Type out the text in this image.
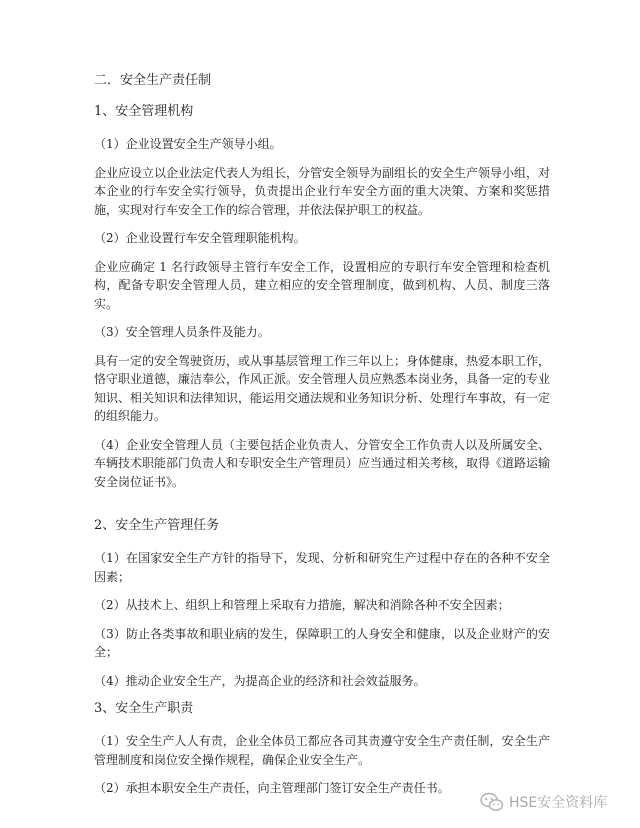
二．安全生产责任制
1、安全管理机构

（1）企业设置安全生产领导小组。

企业应设立以企业法定代表人为组长，分管安全领导为副组长的安全生产领导小组，对本企业的行车安全实行领导，负责提出企业行车安全方面的重大决策、方案和奖惩措施，实现对行车安全工作的综合管理，并依法保护职工的权益。

（2）企业设置行车安全管理职能机构。

企业应确定 1 名行政领导主管行车安全工作，设置相应的专职行车安全管理和检查机构，配备专职安全管理人员，建立相应的安全管理制度，做到机构、人员、制度三落实。

（3）安全管理人员条件及能力。

具有一定的安全驾驶资历，或从事基层管理工作三年以上；身体健康，热爱本职工作，恪守职业道德，廉洁奉公，作风正派。安全管理人员应熟悉本岗业务，具备一定的专业知识、相关知识和法律知识，能运用交通法规和业务知识分析、处理行车事故，有一定的组织能力。

（4）企业安全管理人员（主要包括企业负责人、分管安全工作负责人以及所属安全、车辆技术职能部门负责人和专职安全生产管理员）应当通过相关考核，取得《道路运输安全岗位证书》。

2、安全生产管理任务

（1）在国家安全生产方针的指导下，发现、分析和研究生产过程中存在的各种不安全因素；

（2）从技术上、组织上和管理上采取有力措施，解决和消除各种不安全因素；

（3）防止各类事故和职业病的发生，保障职工的人身安全和健康，以及企业财产的安全；

（4）推动企业安全生产，为提高企业的经济和社会效益服务。

3、安全生产职责

（1）安全生产人人有责，企业全体员工都应各司其责遵守安全生产责任制，安全生产管理制度和岗位安全操作规程，确保企业安全生产。

（2）承担本职安全生产责任，向主管理部门签订安全生产责任书。

HSE安全资料库
